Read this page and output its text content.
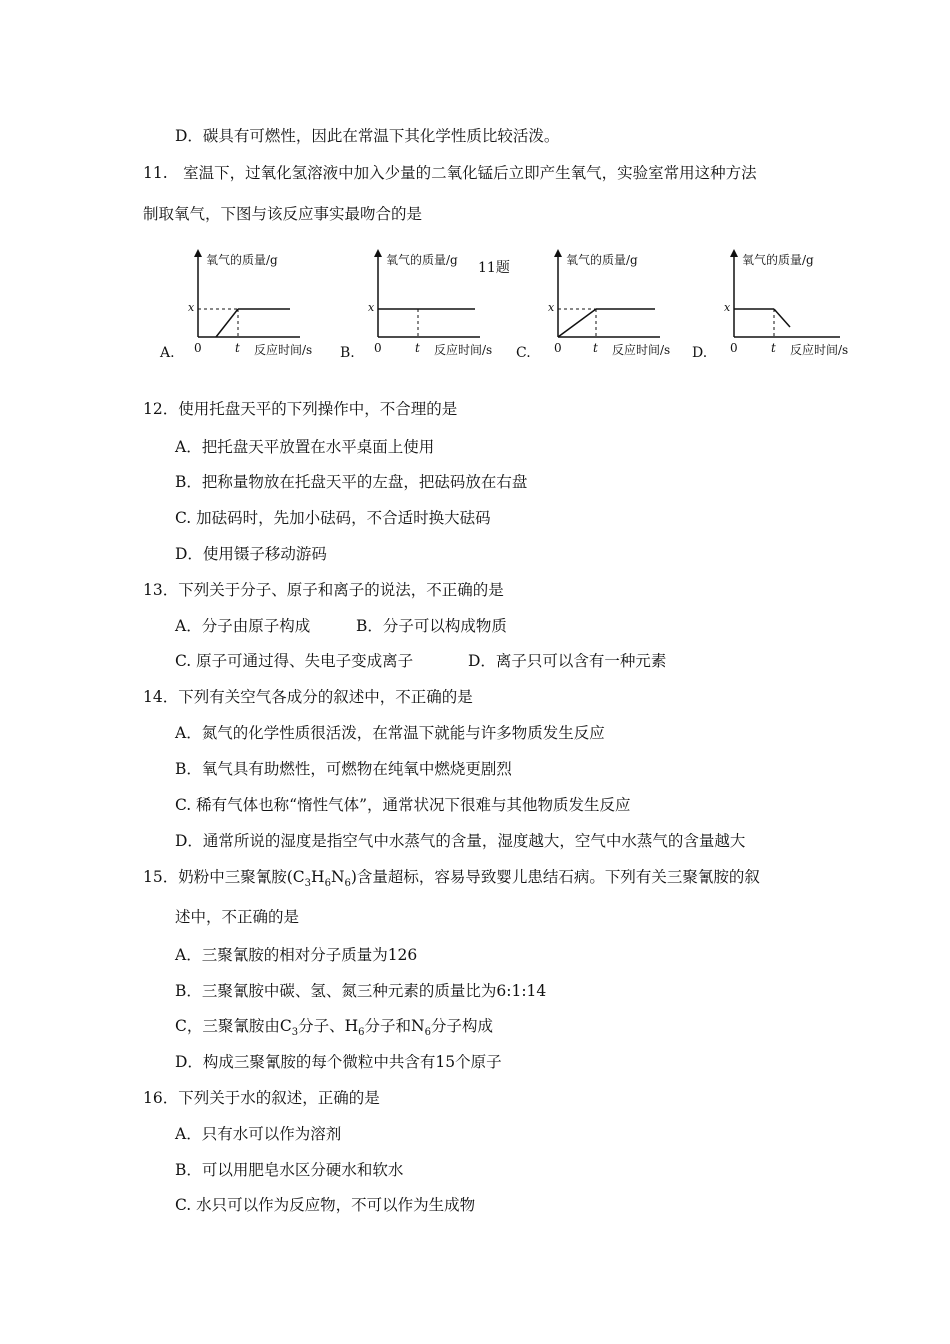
D．碳具有可燃性，因此在常温下其化学性质比较活泼。
11.　室温下，过氧化氢溶液中加入少量的二氧化锰后立即产生氧气，实验室常用这种方法
制取氧气，下图与该反应事实最吻合的是
11题
A.
氧气的质量/g
x
0	t 反应时间/s B.
氧气的质量/g
x
0	t 反应时间/s C.
氧气的质量/g
x
0	t 反应时间/s D.
氧气的质量/g
x
0	t 反应时间/s
12．使用托盘天平的下列操作中，不合理的是
A．把托盘天平放置在水平桌面上使用
B．把称量物放在托盘天平的左盘，把砝码放在右盘
C. 加砝码时，先加小砝码，不合适时换大砝码
D．使用镊子移动游码
13．下列关于分子、原子和离子的说法，不正确的是
A．分子由原子构成	B．分子可以构成物质
C. 原子可通过得、失电子变成离子	D．离子只可以含有一种元素
14．下列有关空气各成分的叙述中，不正确的是
A．氮气的化学性质很活泼，在常温下就能与许多物质发生反应
B．氧气具有助燃性，可燃物在纯氧中燃烧更剧烈
C. 稀有气体也称“惰性气体”，通常状况下很难与其他物质发生反应
D．通常所说的湿度是指空气中水蒸气的含量，湿度越大，空气中水蒸气的含量越大
15．奶粉中三聚氰胺$(C_3H_6N_6)$含量超标，容易导致婴儿患结石病。下列有关三聚氰胺的叙
述中，不正确的是
A．三聚氰胺的相对分子质量为126
B．三聚氰胺中碳、氢、氮三种元素的质量比为6:1:14
C，三聚氰胺由$C_3$分子、$H_6$分子和$N_6$分子构成
D．构成三聚氰胺的每个微粒中共含有15个原子
16．下列关于水的叙述，正确的是
A．只有水可以作为溶剂
B．可以用肥皂水区分硬水和软水
C. 水只可以作为反应物，不可以作为生成物
